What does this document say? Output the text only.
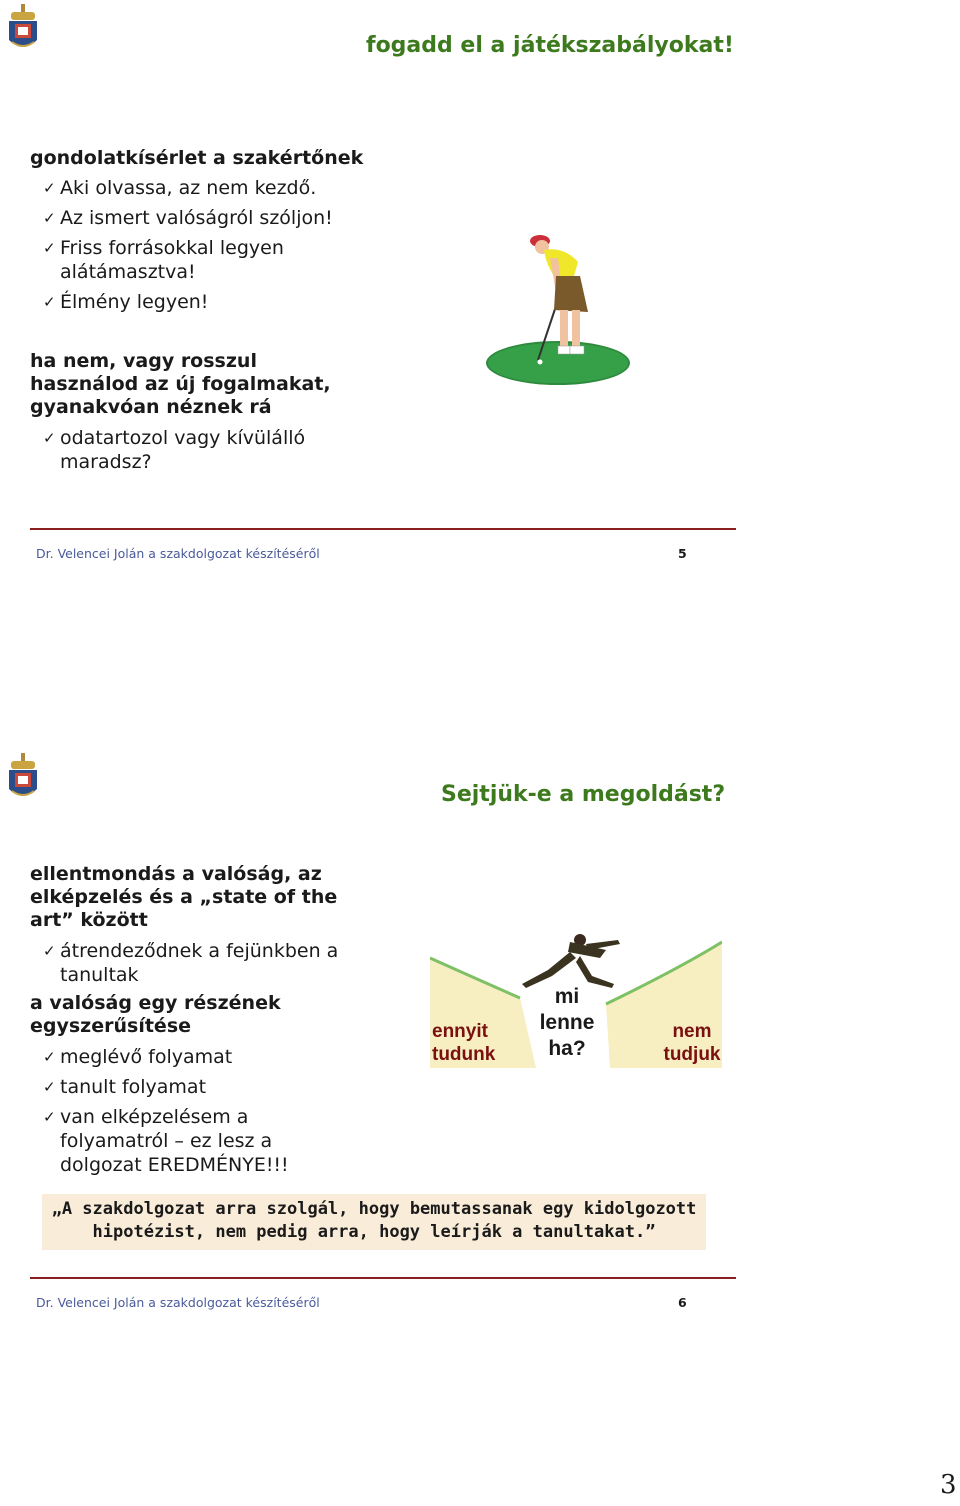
fogadd el a játékszabályokat!
gondolatkísérlet a szakértőnek
✓ Aki olvassa, az nem kezdő.
✓ Az ismert valóságról szóljon!
✓ Friss forrásokkal legyen alátámasztva!
✓ Élmény legyen!
ha nem, vagy rosszul használod az új fogalmakat, gyanakvóan néznek rá
✓ odatartozol vagy kívülálló maradsz?
Dr. Velencei Jolán a szakdolgozat készítéséről	5
Sejtjük-e a megoldást?
ellentmondás a valóság, az elképzelés és a „state of the art” között
✓ átrendeződnek a fejünkben a tanultak
a valóság egy részének egyszerűsítése
✓ meglévő folyamat
✓ tanult folyamat
✓ van elképzelésem a folyamatról – ez lesz a dolgozat EREDMÉNYE!!!
ennyit tudunk
mi lenne ha?
nem tudjuk
„A szakdolgozat arra szolgál, hogy bemutassanak egy kidolgozott hipotézist, nem pedig arra, hogy leírják a tanultakat.”
Dr. Velencei Jolán a szakdolgozat készítéséről	6
3
